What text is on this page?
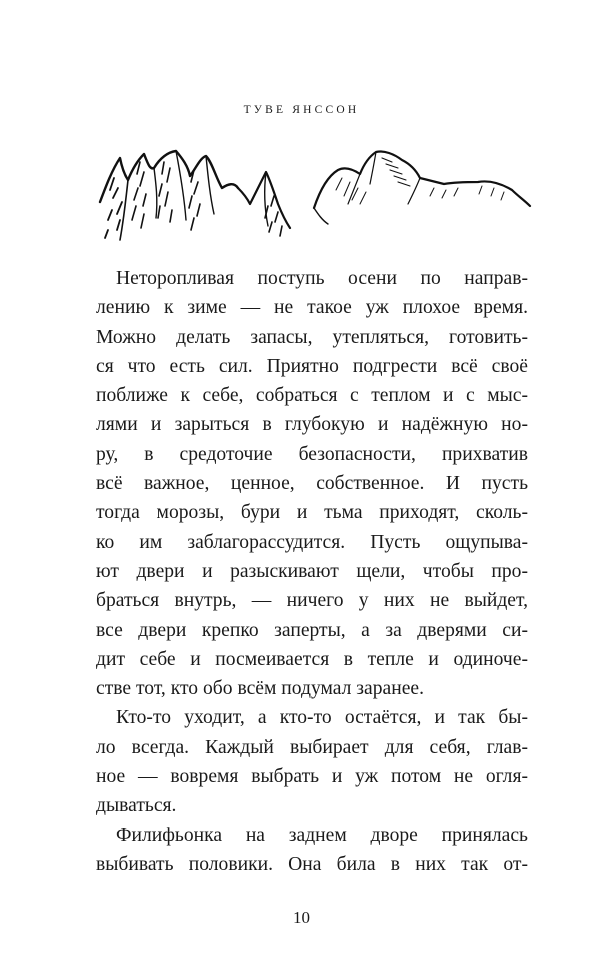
ТУВЕ ЯНССОН
Неторопливая поступь осени по направ-
лению к зиме — не такое уж плохое время.
Можно делать запасы, утепляться, готовить-
ся что есть сил. Приятно подгрести всё своё
поближе к себе, собраться с теплом и с мыс-
лями и зарыться в глубокую и надёжную но-
ру, в средоточие безопасности, прихватив
всё важное, ценное, собственное. И пусть
тогда морозы, бури и тьма приходят, сколь-
ко им заблагорассудится. Пусть ощупыва-
ют двери и разыскивают щели, чтобы про-
браться внутрь, — ничего у них не выйдет,
все двери крепко заперты, а за дверями си-
дит себе и посмеивается в тепле и одиноче-
стве тот, кто обо всём подумал заранее.
Кто-то уходит, а кто-то остаётся, и так бы-
ло всегда. Каждый выбирает для себя, глав-
ное — вовремя выбрать и уж потом не огля-
дываться.
Филифьонка на заднем дворе принялась
выбивать половики. Она била в них так от-
10
